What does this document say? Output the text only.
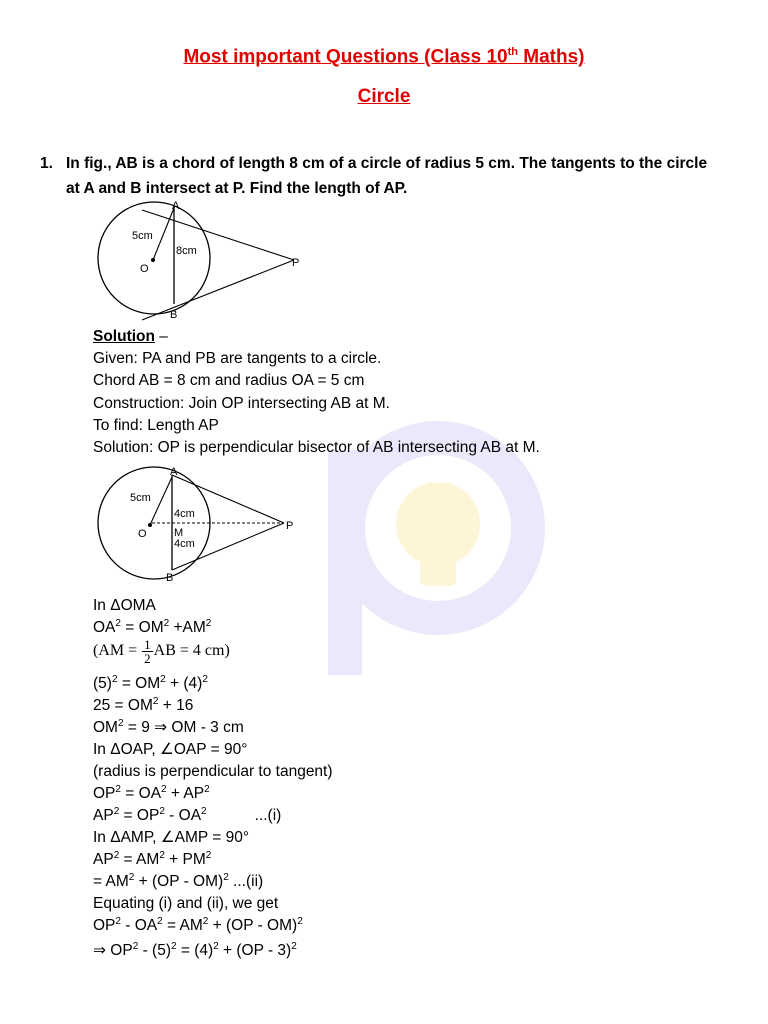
Most important Questions (Class 10th Maths)
Circle
1. In fig., AB is a chord of length 8 cm of a circle of radius 5 cm. The tangents to the circle at A and B intersect at P. Find the length of AP.
A
B
O	P
5cm
8cm
Solution –
Given: PA and PB are tangents to a circle.
Chord AB = 8 cm and radius OA = 5 cm
Construction: Join OP intersecting AB at M.
To find: Length AP
Solution: OP is perpendicular bisector of AB intersecting AB at M.
A
B
O M
P
5cm
4cm
4cm
In ΔOMA
$OA^2 = OM^2 +AM^2$
($AM = \frac{1}{2}$ AB = 4 cm)
$(5)^2 = OM^2 + (4)^2$
$25 = OM^2 + 16$
$OM^2 = 9$ ⇒ OM - 3 cm
In ΔOAP, ∠OAP = 90°
(radius is perpendicular to tangent)
$OP^2 = OA^2 + AP^2$
$AP^2 = OP^2 - OA^2$	...(i)
In ΔAMP, ∠AMP = 90°
$AP^2 = AM^2 + PM^2$
= $AM^2 + (OP - OM)^2$ ...(ii)
Equating (i) and (ii), we get
$OP^2 - OA^2 = AM^2 + (OP - OM)^2$
⇒ $OP^2 - (5)^2 = (4)^2 + (OP - 3)^2$
